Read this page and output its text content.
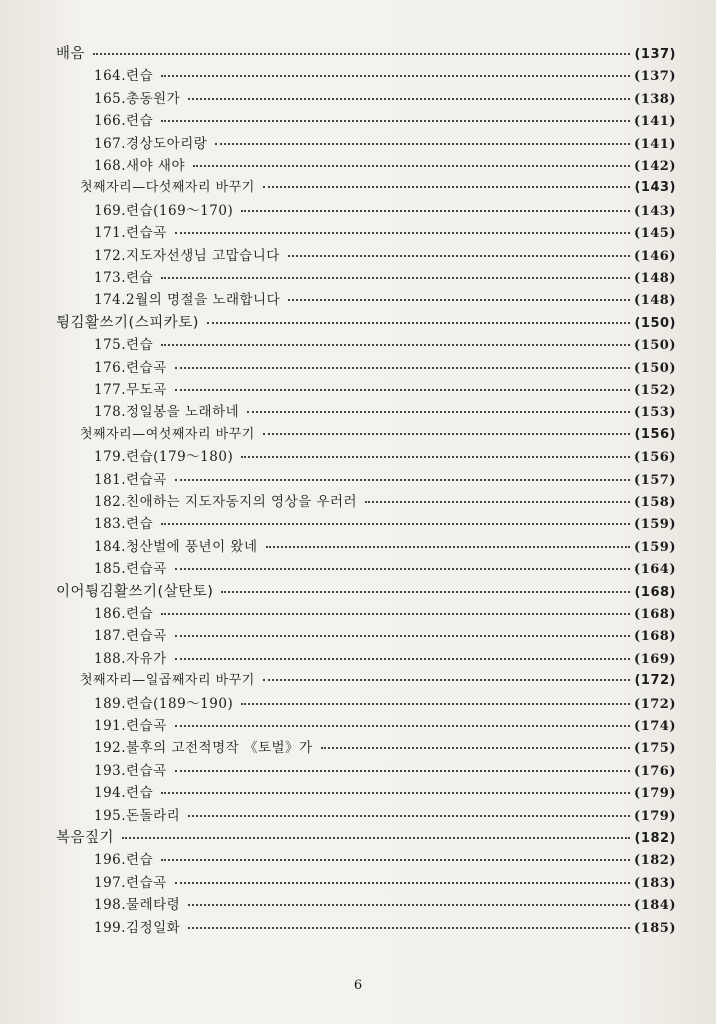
배음	(137)
164.련습	(137)
165.총동원가	(138)
166.련습	(141)
167.경상도아리랑	(141)
168.새야 새야	(142)
첫째자리—다섯째자리 바꾸기	(143)
169.련습(169～170)	(143)
171.련습곡	(145)
172.지도자선생님 고맙습니다	(146)
173.련습	(148)
174.2월의 명절을 노래합니다	(148)
튕김활쓰기(스피카토)	(150)
175.련습	(150)
176.련습곡	(150)
177.무도곡	(152)
178.정일봉을 노래하네	(153)
첫째자리—여섯째자리 바꾸기	(156)
179.련습(179～180)	(156)
181.련습곡	(157)
182.친애하는 지도자동지의 영상을 우러러	(158)
183.련습	(159)
184.청산벌에 풍년이 왔네	(159)
185.련습곡	(164)
이어튕김활쓰기(살탄토)	(168)
186.련습	(168)
187.련습곡	(168)
188.자유가	(169)
첫째자리—일곱째자리 바꾸기	(172)
189.련습(189～190)	(172)
191.련습곡	(174)
192.불후의 고전적명작 《토벌》가	(175)
193.련습곡	(176)
194.련습	(179)
195.돈돌라리	(179)
복음짚기	(182)
196.련습	(182)
197.련습곡	(183)
198.물레타령	(184)
199.김정일화	(185)
6
